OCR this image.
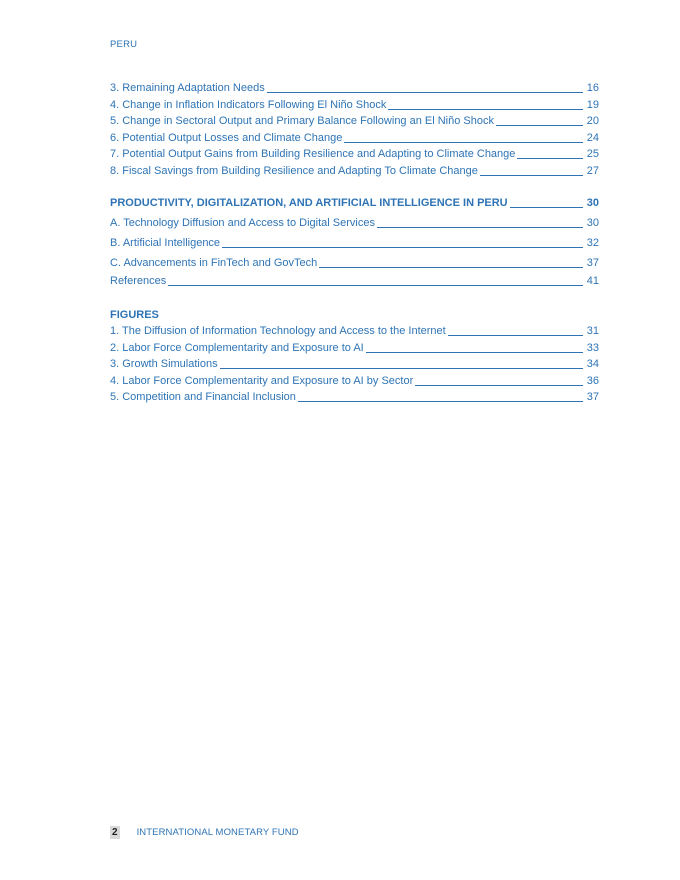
PERU
3. Remaining Adaptation Needs	16
4. Change in Inflation Indicators Following El Niño Shock	19
5. Change in Sectoral Output and Primary Balance Following an El Niño Shock	20
6. Potential Output Losses and Climate Change	24
7. Potential Output Gains from Building Resilience and Adapting to Climate Change	25
8. Fiscal Savings from Building Resilience and Adapting To Climate Change	27
PRODUCTIVITY, DIGITALIZATION, AND ARTIFICIAL INTELLIGENCE IN PERU	30
A. Technology Diffusion and Access to Digital Services	30
B. Artificial Intelligence	32
C. Advancements in FinTech and GovTech	37
References	41
FIGURES
1. The Diffusion of Information Technology and Access to the Internet	31
2. Labor Force Complementarity and Exposure to AI	33
3. Growth Simulations	34
4. Labor Force Complementarity and Exposure to AI by Sector	36
5. Competition and Financial Inclusion	37
2 INTERNATIONAL MONETARY FUND
